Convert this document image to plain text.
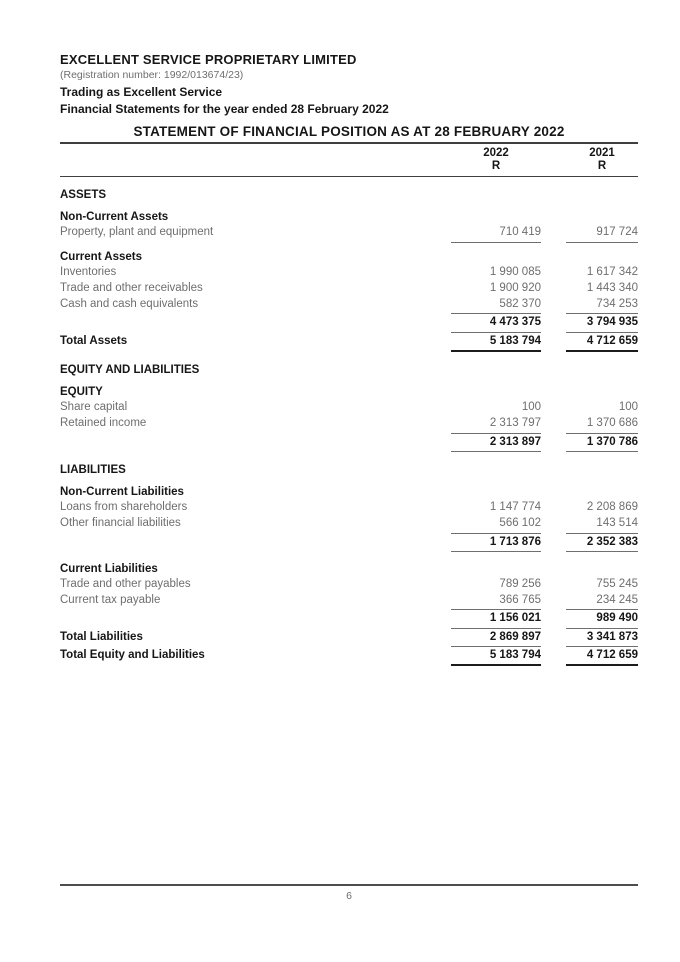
EXCELLENT SERVICE PROPRIETARY LIMITED
(Registration number: 1992/013674/23)
Trading as Excellent Service
Financial Statements for the year ended 28 February 2022
STATEMENT OF FINANCIAL POSITION AS AT 28 FEBRUARY 2022
2022
R
2021
R
ASSETS
Non-Current Assets
Property, plant and equipment	710 419	917 724
Current Assets
Inventories	1 990 085	1 617 342
Trade and other receivables	1 900 920	1 443 340
Cash and cash equivalents	582 370	734 253
4 473 375	3 794 935
Total Assets	5 183 794	4 712 659
EQUITY AND LIABILITIES
EQUITY
Share capital	100	100
Retained income	2 313 797	1 370 686
2 313 897	1 370 786
LIABILITIES
Non-Current Liabilities
Loans from shareholders	1 147 774	2 208 869
Other financial liabilities	566 102	143 514
1 713 876	2 352 383
Current Liabilities
Trade and other payables	789 256	755 245
Current tax payable	366 765	234 245
1 156 021	989 490
Total Liabilities	2 869 897	3 341 873
Total Equity and Liabilities	5 183 794	4 712 659
6
